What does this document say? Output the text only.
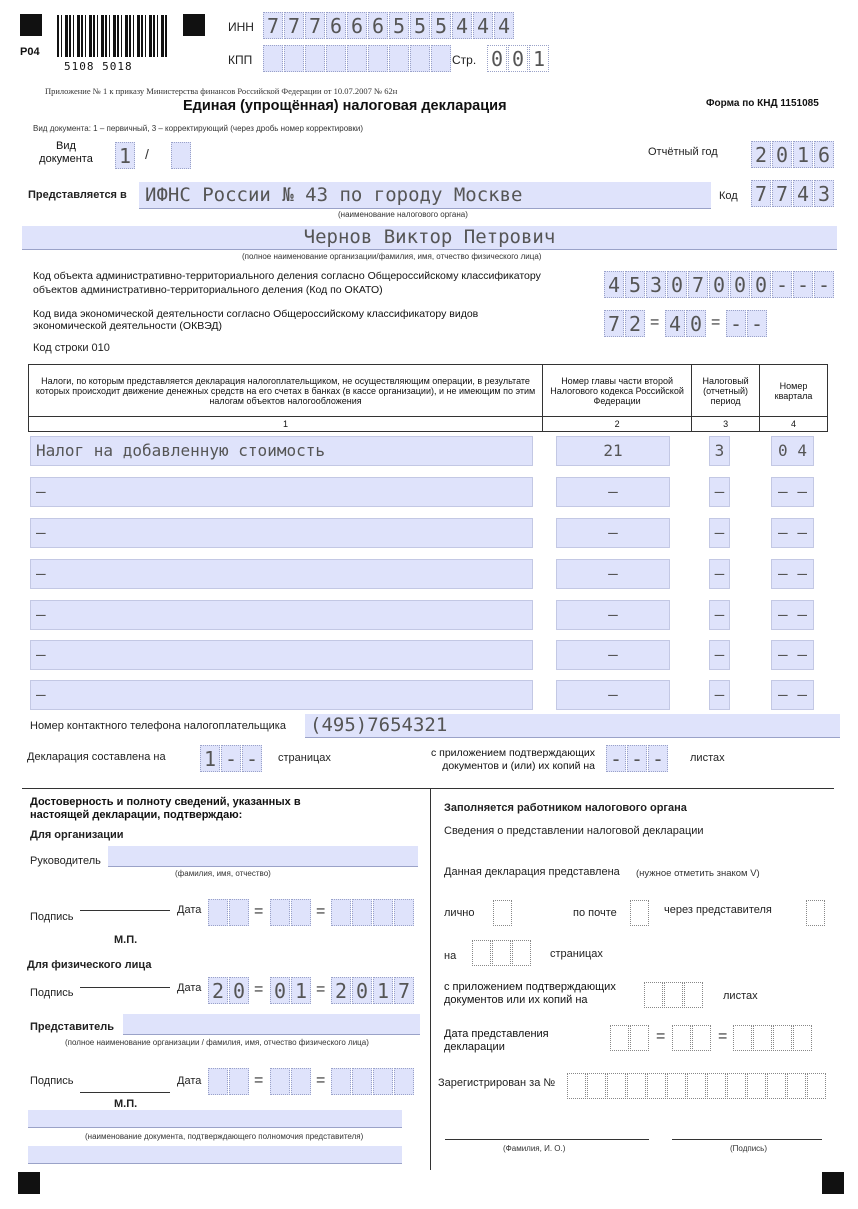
P04
5108 5018
ИНН 7 7 7 6 6 6 5 5 5 4 4 4
КПП	Стр. 0 0 1
Приложение № 1 к приказу Министерства финансов Российской Федерации от 10.07.2007 № 62н
Единая (упрощённая) налоговая декларация	Форма по КНД 1151085
Вид документа: 1 – первичный, 3 – корректирующий (через дробь номер корректировки)
Вид документа 1 /	Отчётный год 2 0 1 6
Представляется в ИФНС России № 43 по городу Москве
(наименование налогового органа)
Код 7 7 4 3
Чернов Виктор Петрович
(полное наименование организации/фамилия, имя, отчество физического лица)
Код объекта административно-территориального деления согласно Общероссийскому классификатору объектов административно-территориального деления (Код по ОКАТО)	4 5 3 0 7 0 0 0 - - -
Код вида экономической деятельности согласно Общероссийскому классификатору видов экономической деятельности (ОКВЭД)	7 2 = 4 0 = - -
Код строки 010
Налоги, по которым представляется декларация налогоплательщиком, не осуществляющим операции, в результате которых происходит движение денежных средств на его счетах в банках (в кассе организации), и не имеющим по этим налогам объектов налогообложения	Номер главы части второй Налогового кодекса Российской Федерации	Налоговый (отчетный) период	Номер квартала
1	2	3	4
Налог на добавленную стоимость	21	3	0 4
–	–	–	– –
–	–	–	– –
–	–	–	– –
–	–	–	– –
–	–	–	– –
–	–	–	– –
Номер контактного телефона налогоплательщика (495)7654321
Декларация составлена на 1 - -	страницах	с приложением подтверждающих документов и (или) их копий на - - -	листах
Достоверность и полноту сведений, указанных в настоящей декларации, подтверждаю:
Для организации
Руководитель
(фамилия, имя, отчество)
Подпись
Дата	=	=
М.П.
Для физического лица
Подпись	Дата 2 0 = 0 1 = 2 0 1 7
Представитель
(полное наименование организации / фамилия, имя, отчество физического лица)
Подпись	Дата	=	=
М.П.
(наименование документа, подтверждающего полномочия представителя)
Заполняется работником налогового органа
Сведения о представлении налоговой декларации
Данная декларация представлена (нужное отметить знаком V)
лично	по почте	через представителя
на	страницах
с приложением подтверждающих документов или их копий на	листах
Дата представления декларации
=	=
Зарегистрирован за №
(Фамилия, И. О.)	(Подпись)
